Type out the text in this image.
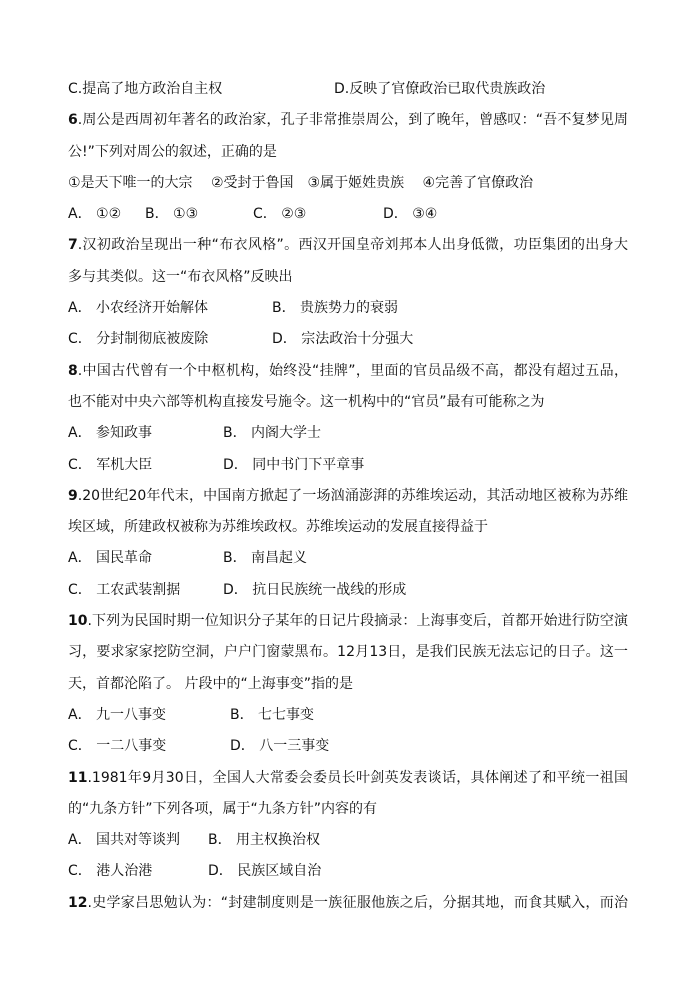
C.提高了地方政治自主权	D.反映了官僚政治已取代贵族政治
6.周公是西周初年著名的政治家，孔子非常推崇周公，到了晚年，曾感叹：“吾不复梦见周
公!”下列对周公的叙述，正确的是
①是天下唯一的大宗　 ②受封于鲁国　③属于姬姓贵族　 ④完善了官僚政治
A． ①② B． ①③	C． ②③	D． ③④
7.汉初政治呈现出一种“布衣风格”。西汉开国皇帝刘邦本人出身低微，功臣集团的出身大
多与其类似。这一“布衣风格”反映出
A． 小农经济开始解体	B． 贵族势力的衰弱
C． 分封制彻底被废除	D． 宗法政治十分强大
8.中国古代曾有一个中枢机构，始终没“挂牌”，里面的官员品级不高，都没有超过五品，
也不能对中央六部等机构直接发号施令。这一机构中的“官员”最有可能称之为
A． 参知政事	B． 内阁大学士
C． 军机大臣	D． 同中书门下平章事
9.20世纪20年代末，中国南方掀起了一场汹涌澎湃的苏维埃运动，其活动地区被称为苏维
埃区域，所建政权被称为苏维埃政权。苏维埃运动的发展直接得益于
A． 国民革命	B． 南昌起义
C． 工农武装割据	D． 抗日民族统一战线的形成
10.下列为民国时期一位知识分子某年的日记片段摘录：上海事变后，首都开始进行防空演
习，要求家家挖防空洞，户户门窗蒙黑布。12月13日，是我们民族无法忘记的日子。这一
天，首都沦陷了。 片段中的“上海事变”指的是
A． 九一八事变	B． 七七事变
C． 一二八事变	D． 八一三事变
11.1981年9月30日，全国人大常委会委员长叶剑英发表谈话，具体阐述了和平统一祖国
的“九条方针”下列各项，属于“九条方针”内容的有
A． 国共对等谈判 B． 用主权换治权
C． 港人治港	D． 民族区域自治
12.史学家吕思勉认为：“封建制度则是一族征服他族之后，分据其地，而食其赋入，而治
